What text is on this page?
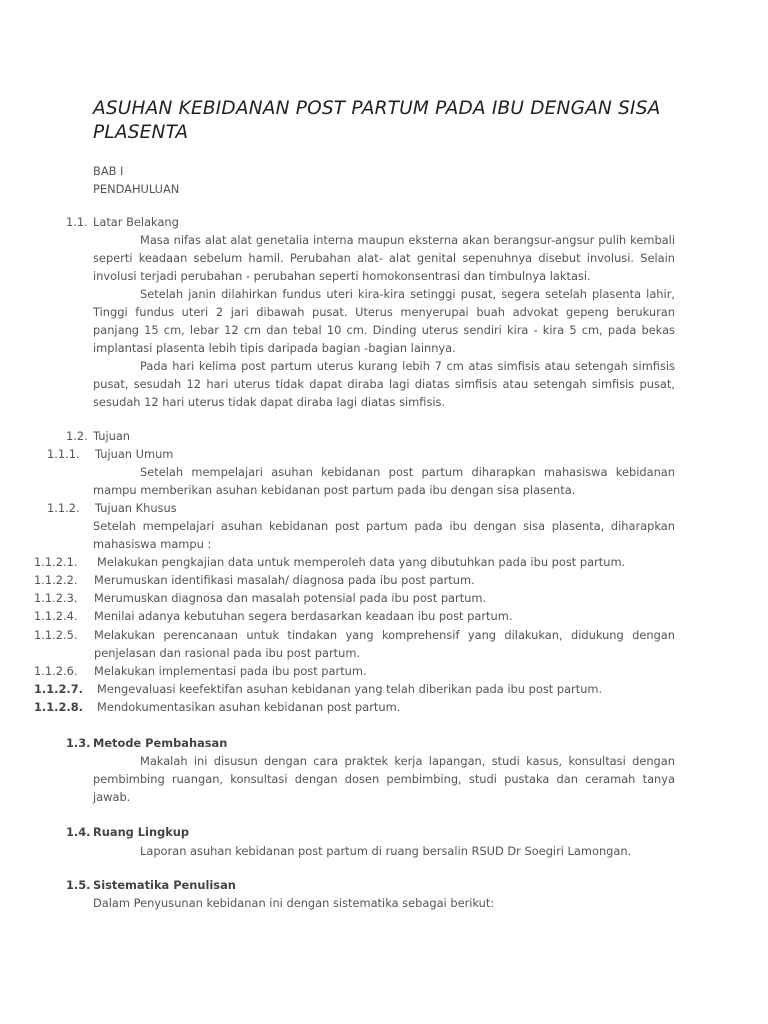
ASUHAN KEBIDANAN POST PARTUM PADA IBU DENGAN SISA PLASENTA
BAB I
PENDAHULUAN
1.1. Latar Belakang

Masa nifas alat alat genetalia interna maupun eksterna akan berangsur-angsur pulih kembali seperti keadaan sebelum hamil. Perubahan alat- alat genital sepenuhnya disebut involusi. Selain involusi terjadi perubahan - perubahan seperti homokonsentrasi dan timbulnya laktasi.

Setelah janin dilahirkan fundus uteri kira-kira setinggi pusat, segera setelah plasenta lahir, Tinggi fundus uteri 2 jari dibawah pusat. Uterus menyerupai buah advokat gepeng berukuran panjang 15 cm, lebar 12 cm dan tebal 10 cm. Dinding uterus sendiri kira - kira 5 cm, pada bekas implantasi plasenta lebih tipis daripada bagian -bagian lainnya.

Pada hari kelima post partum uterus kurang lebih 7 cm atas simfisis atau setengah simfisis pusat, sesudah 12 hari uterus tidak dapat diraba lagi diatas simfisis atau setengah simfisis pusat, sesudah 12 hari uterus tidak dapat diraba lagi diatas simfisis.

1.2. Tujuan
1.1.1. Tujuan Umum

Setelah mempelajari asuhan kebidanan post partum diharapkan mahasiswa kebidanan mampu memberikan asuhan kebidanan post partum pada ibu dengan sisa plasenta.

1.1.2. Tujuan Khusus

Setelah mempelajari asuhan kebidanan post partum pada ibu dengan sisa plasenta, diharapkan mahasiswa mampu :

1.1.2.1. Melakukan pengkajian data untuk memperoleh data yang dibutuhkan pada ibu post partum.

1.1.2.2. Merumuskan identifikasi masalah/ diagnosa pada ibu post partum.

1.1.2.3. Merumuskan diagnosa dan masalah potensial pada ibu post partum.

1.1.2.4. Menilai adanya kebutuhan segera berdasarkan keadaan ibu post partum.

1.1.2.5. Melakukan perencanaan untuk tindakan yang komprehensif yang dilakukan, didukung dengan penjelasan dan rasional pada ibu post partum.

1.1.2.6. Melakukan implementasi pada ibu post partum.

1.1.2.7. Mengevaluasi keefektifan asuhan kebidanan yang telah diberikan pada ibu post partum.

1.1.2.8. Mendokumentasikan asuhan kebidanan post partum.

1.3. Metode Pembahasan

Makalah ini disusun dengan cara praktek kerja lapangan, studi kasus, konsultasi dengan pembimbing ruangan, konsultasi dengan dosen pembimbing, studi pustaka dan ceramah tanya jawab.

1.4. Ruang Lingkup

Laporan asuhan kebidanan post partum di ruang bersalin RSUD Dr Soegiri Lamongan.

1.5. Sistematika Penulisan

Dalam Penyusunan kebidanan ini dengan sistematika sebagai berikut:
